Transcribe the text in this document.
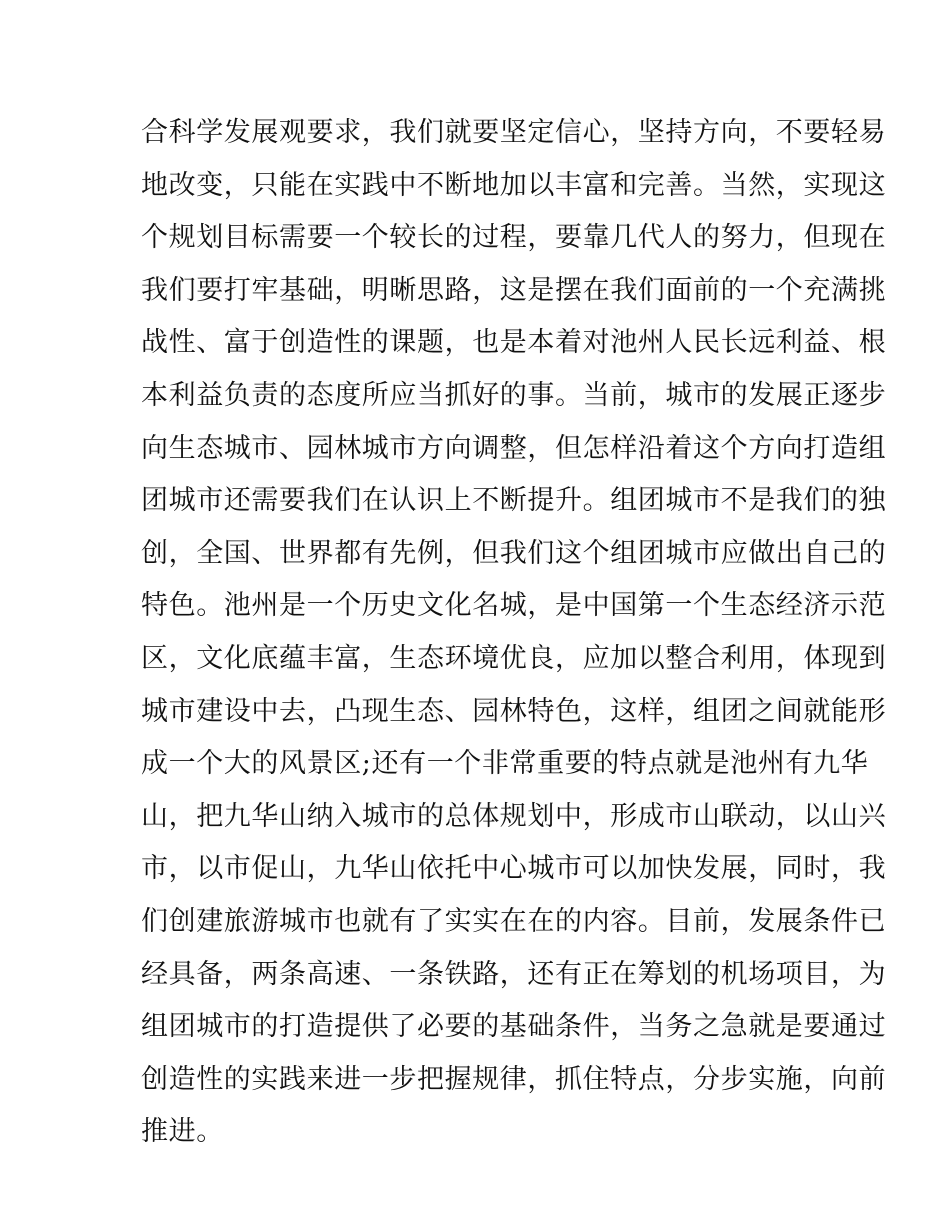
合科学发展观要求，我们就要坚定信心，坚持方向，不要轻易
地改变，只能在实践中不断地加以丰富和完善。当然，实现这
个规划目标需要一个较长的过程，要靠几代人的努力，但现在
我们要打牢基础，明晰思路，这是摆在我们面前的一个充满挑
战性、富于创造性的课题，也是本着对池州人民长远利益、根
本利益负责的态度所应当抓好的事。当前，城市的发展正逐步
向生态城市、园林城市方向调整，但怎样沿着这个方向打造组
团城市还需要我们在认识上不断提升。组团城市不是我们的独
创，全国、世界都有先例，但我们这个组团城市应做出自己的
特色。池州是一个历史文化名城，是中国第一个生态经济示范
区，文化底蕴丰富，生态环境优良，应加以整合利用，体现到
城市建设中去，凸现生态、园林特色，这样，组团之间就能形
成一个大的风景区;还有一个非常重要的特点就是池州有九华
山，把九华山纳入城市的总体规划中，形成市山联动，以山兴
市，以市促山，九华山依托中心城市可以加快发展，同时，我
们创建旅游城市也就有了实实在在的内容。目前，发展条件已
经具备，两条高速、一条铁路，还有正在筹划的机场项目，为
组团城市的打造提供了必要的基础条件，当务之急就是要通过
创造性的实践来进一步把握规律，抓住特点，分步实施，向前
推进。
